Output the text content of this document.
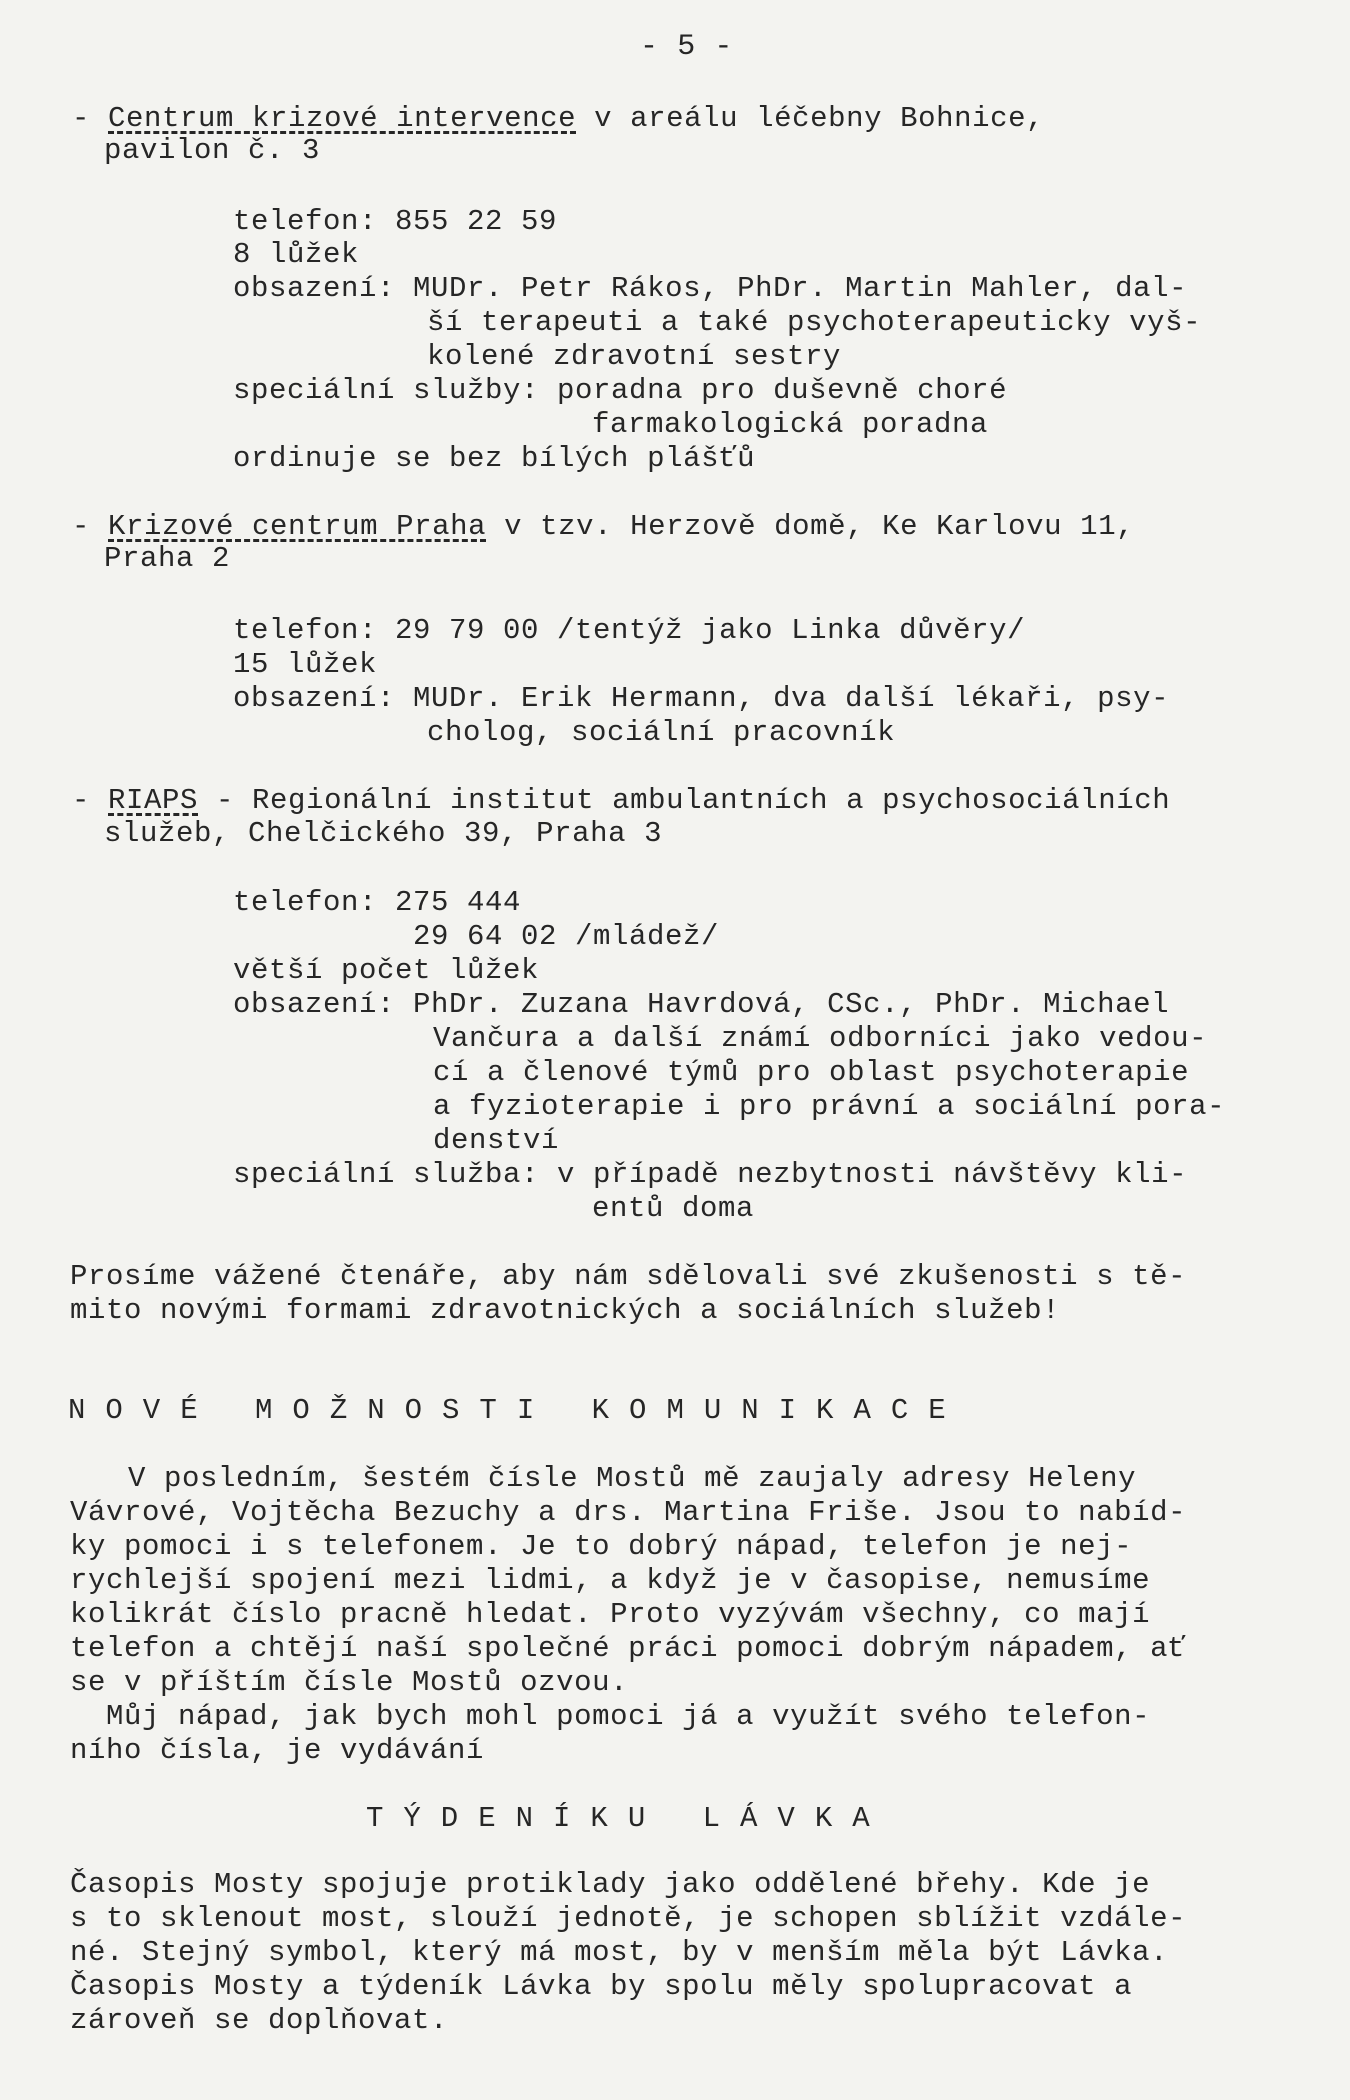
- 5 -
- Centrum krizové intervence v areálu léčebny Bohnice,
pavilon č. 3
telefon: 855 22 59
8 lůžek
obsazení: MUDr. Petr Rákos, PhDr. Martin Mahler, dal-
ší terapeuti a také psychoterapeuticky vyš-
kolené zdravotní sestry
speciální služby: poradna pro duševně choré
farmakologická poradna
ordinuje se bez bílých plášťů
- Krizové centrum Praha v tzv. Herzově domě, Ke Karlovu 11,
Praha 2
telefon: 29 79 00 /tentýž jako Linka důvěry/
15 lůžek
obsazení: MUDr. Erik Hermann, dva další lékaři, psy-
cholog, sociální pracovník
- RIAPS - Regionální institut ambulantních a psychosociálních
služeb, Chelčického 39, Praha 3
telefon: 275 444
29 64 02 /mládež/
větší počet lůžek
obsazení: PhDr. Zuzana Havrdová, CSc., PhDr. Michael
Vančura a další známí odborníci jako vedou-
cí a členové týmů pro oblast psychoterapie
a fyzioterapie i pro právní a sociální pora-
denství
speciální služba: v případě nezbytnosti návštěvy kli-
entů doma
Prosíme vážené čtenáře, aby nám sdělovali své zkušenosti s tě-
mito novými formami zdravotnických a sociálních služeb!
NOVÉ MOŽNOSTI KOMUNIKACE
V posledním, šestém čísle Mostů mě zaujaly adresy Heleny
Vávrové, Vojtěcha Bezuchy a drs. Martina Friše. Jsou to nabíd-
ky pomoci i s telefonem. Je to dobrý nápad, telefon je nej-
rychlejší spojení mezi lidmi, a když je v časopise, nemusíme
kolikrát číslo pracně hledat. Proto vyzývám všechny, co mají
telefon a chtějí naší společné práci pomoci dobrým nápadem, ať
se v příštím čísle Mostů ozvou.
Můj nápad, jak bych mohl pomoci já a využít svého telefon-
ního čísla, je vydávání
TÝDENÍKU LÁVKA
Časopis Mosty spojuje protiklady jako oddělené břehy. Kde je
s to sklenout most, slouží jednotě, je schopen sblížit vzdále-
né. Stejný symbol, který má most, by v menším měla být Lávka.
Časopis Mosty a týdeník Lávka by spolu měly spolupracovat a
zároveň se doplňovat.
